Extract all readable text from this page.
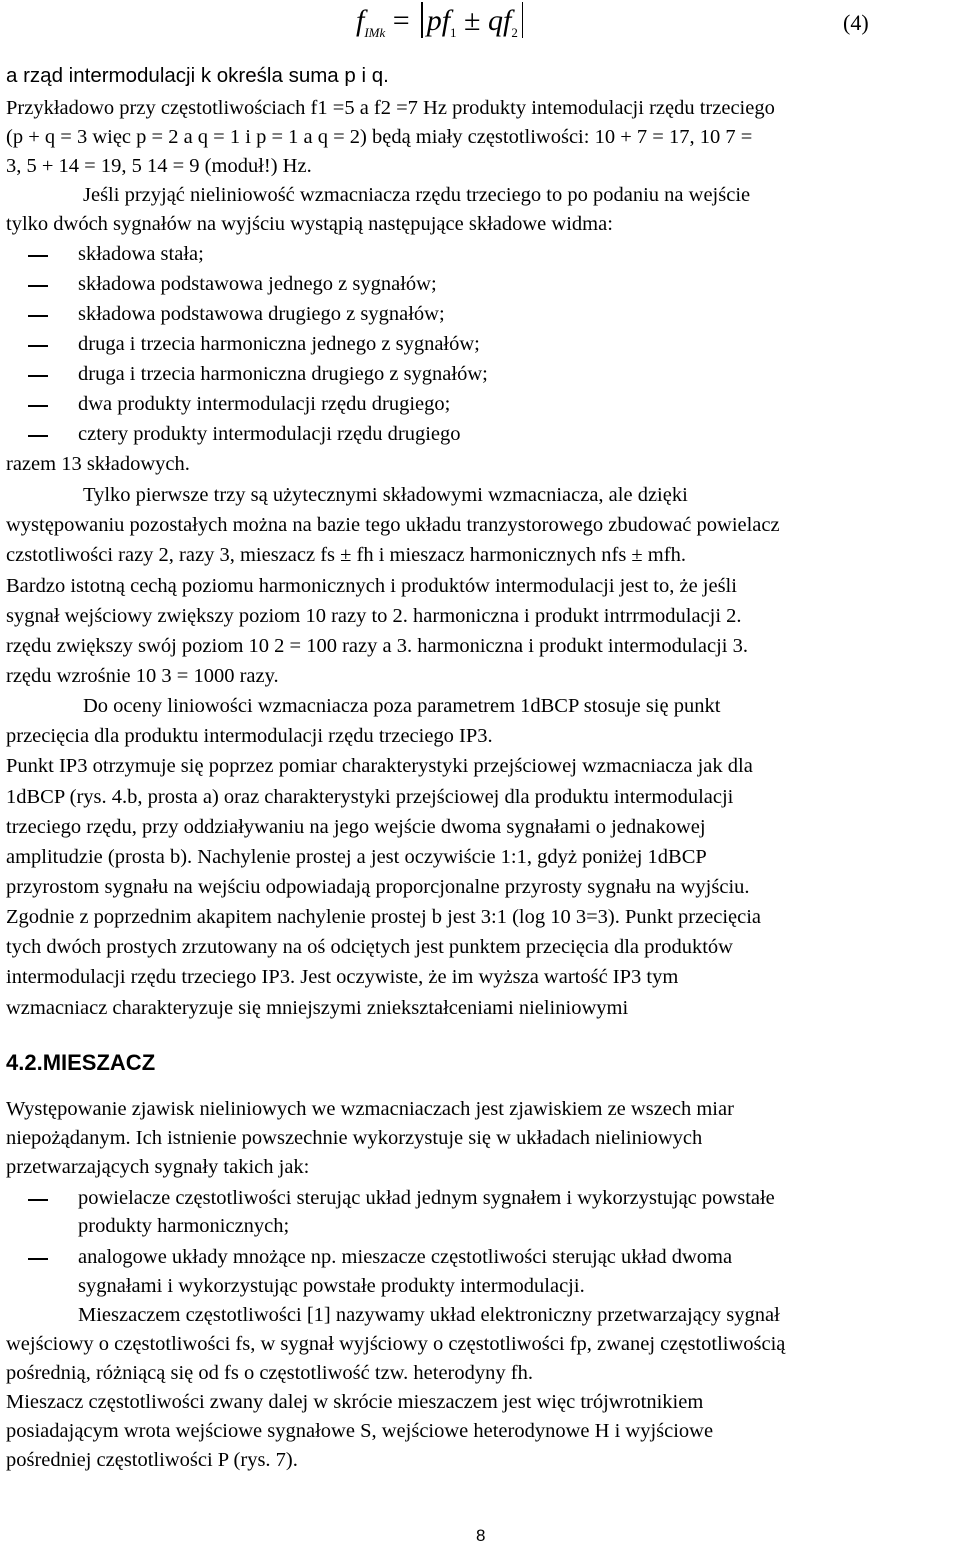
$f_{IMk} = pf_1 \pm qf_2$	(4)
a rząd intermodulacji k określa suma p i q.
Przykładowo przy częstotliwościach f1 =5 a f2 =7 Hz produkty intemodulacji rzędu trzeciego
(p + q = 3 więc p = 2 a q = 1 i p = 1 a q = 2) będą miały częstotliwości: 10 + 7 = 17, 10 7 =
3, 5 + 14 = 19, 5 14 = 9 (moduł!) Hz.
Jeśli przyjąć nieliniowość wzmacniacza rzędu trzeciego to po podaniu na wejście
tylko dwóch sygnałów na wyjściu wystąpią następujące składowe widma:
składowa stała;
składowa podstawowa jednego z sygnałów;
składowa podstawowa drugiego z sygnałów;
druga i trzecia harmoniczna jednego z sygnałów;
druga i trzecia harmoniczna drugiego z sygnałów;
dwa produkty intermodulacji rzędu drugiego;
cztery produkty intermodulacji rzędu drugiego
razem 13 składowych.
Tylko pierwsze trzy są użytecznymi składowymi wzmacniacza, ale dzięki
występowaniu pozostałych można na bazie tego układu tranzystorowego zbudować powielacz
czstotliwości razy 2, razy 3, mieszacz fs ± fh i mieszacz harmonicznych nfs ± mfh.
Bardzo istotną cechą poziomu harmonicznych i produktów intermodulacji jest to, że jeśli
sygnał wejściowy zwiększy poziom 10 razy to 2. harmoniczna i produkt intrrmodulacji 2.
rzędu zwiększy swój poziom 10 2 = 100 razy a 3. harmoniczna i produkt intermodulacji 3.
rzędu wzrośnie 10 3 = 1000 razy.
Do oceny liniowości wzmacniacza poza parametrem 1dBCP stosuje się punkt
przecięcia dla produktu intermodulacji rzędu trzeciego IP3.
Punkt IP3 otrzymuje się poprzez pomiar charakterystyki przejściowej wzmacniacza jak dla
1dBCP (rys. 4.b, prosta a) oraz charakterystyki przejściowej dla produktu intermodulacji
trzeciego rzędu, przy oddziaływaniu na jego wejście dwoma sygnałami o jednakowej
amplitudzie (prosta b). Nachylenie prostej a jest oczywiście 1:1, gdyż poniżej 1dBCP
przyrostom sygnału na wejściu odpowiadają proporcjonalne przyrosty sygnału na wyjściu.
Zgodnie z poprzednim akapitem nachylenie prostej b jest 3:1 (log 10 3=3). Punkt przecięcia
tych dwóch prostych zrzutowany na oś odciętych jest punktem przecięcia dla produktów
intermodulacji rzędu trzeciego IP3. Jest oczywiste, że im wyższa wartość IP3 tym
wzmacniacz charakteryzuje się mniejszymi zniekształceniami nieliniowymi
4.2.MIESZACZ
Występowanie zjawisk nieliniowych we wzmacniaczach jest zjawiskiem ze wszech miar
niepożądanym. Ich istnienie powszechnie wykorzystuje się w układach nieliniowych
przetwarzających sygnały takich jak:
powielacze częstotliwości sterując układ jednym sygnałem i wykorzystując powstałe
produkty harmonicznych;
analogowe układy mnożące np. mieszacze częstotliwości sterując układ dwoma
sygnałami i wykorzystując powstałe produkty intermodulacji.
Mieszaczem częstotliwości [1] nazywamy układ elektroniczny przetwarzający sygnał
wejściowy o częstotliwości fs, w sygnał wyjściowy o częstotliwości fp, zwanej częstotliwością
pośrednią, różniącą się od fs o częstotliwość tzw. heterodyny fh.
Mieszacz częstotliwości zwany dalej w skrócie mieszaczem jest więc trójwrotnikiem
posiadającym wrota wejściowe sygnałowe S, wejściowe heterodynowe H i wyjściowe
pośredniej częstotliwości P (rys. 7).
8
